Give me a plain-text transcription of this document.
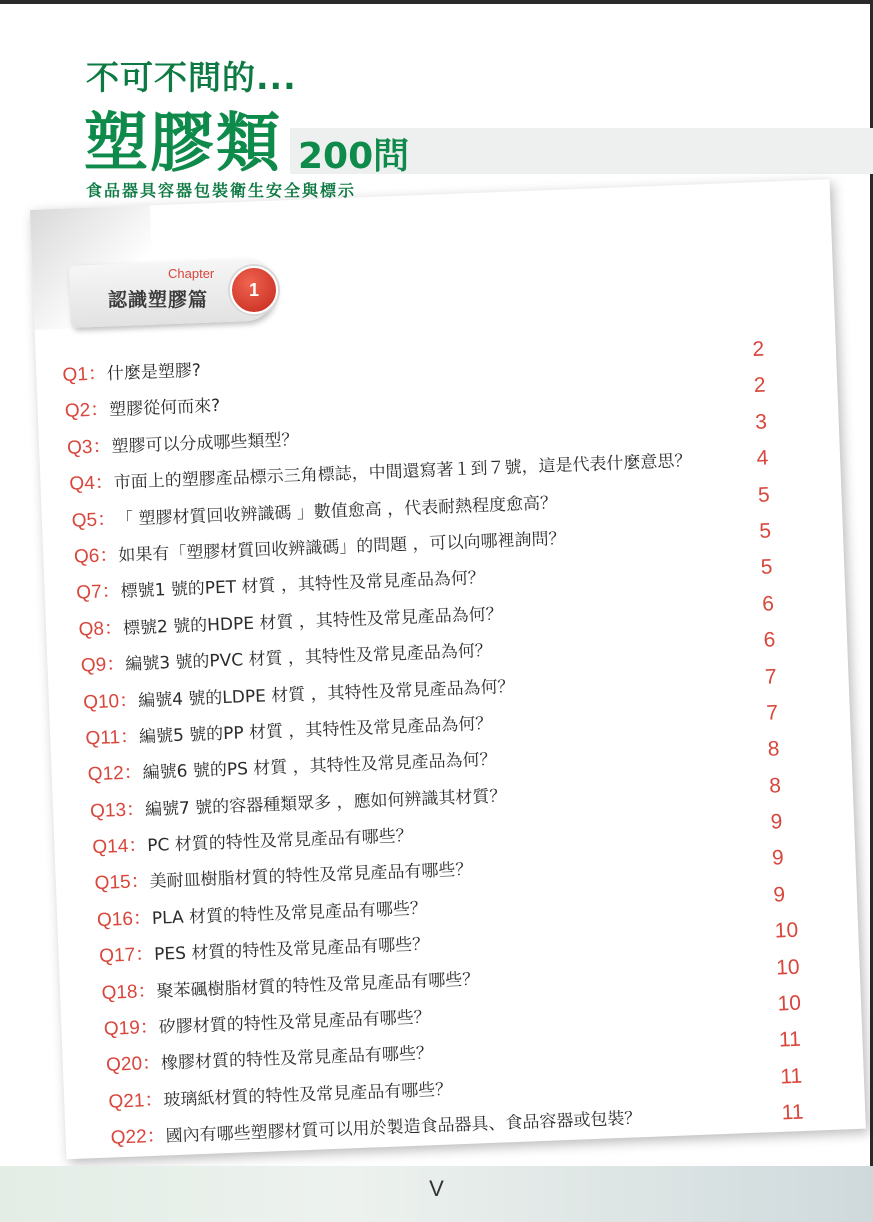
不可不問的...
塑膠類 200問
食品器具容器包裝衛生安全與標示
Chapter
認識塑膠篇	1
Q1：什麼是塑膠?
Q2：塑膠從何而來?
Q3：塑膠可以分成哪些類型？
Q4：市面上的塑膠產品標示三角標誌，中間還寫著１到７號，這是代表什麼意思？
Q5：「 塑膠材質回收辨識碼 」數值愈高 ，代表耐熱程度愈高？
Q6：如果有「塑膠材質回收辨識碼」的問題 ，可以向哪裡詢問？
Q7：標號1 號的PET 材質 ，其特性及常見產品為何？
Q8：標號2 號的HDPE 材質 ，其特性及常見產品為何？
Q9：編號3 號的PVC 材質 ，其特性及常見產品為何？
Q10：編號4 號的LDPE 材質 ，其特性及常見產品為何？
Q11：編號5 號的PP 材質 ，其特性及常見產品為何？
Q12：編號6 號的PS 材質 ，其特性及常見產品為何？
Q13：編號7 號的容器種類眾多 ，應如何辨識其材質？
Q14：PC 材質的特性及常見產品有哪些？
Q15：美耐皿樹脂材質的特性及常見產品有哪些？
Q16：PLA 材質的特性及常見產品有哪些？
Q17：PES 材質的特性及常見產品有哪些？
Q18：聚苯碸樹脂材質的特性及常見產品有哪些？
Q19：矽膠材質的特性及常見產品有哪些？
Q20：橡膠材質的特性及常見產品有哪些？
Q21：玻璃紙材質的特性及常見產品有哪些？
Q22：國內有哪些塑膠材質可以用於製造食品器具、食品容器或包裝？
2
2
3
4
5
5
5
6
6
7
7
8
8
9
9
9
10
10
10
11
11
11
V
